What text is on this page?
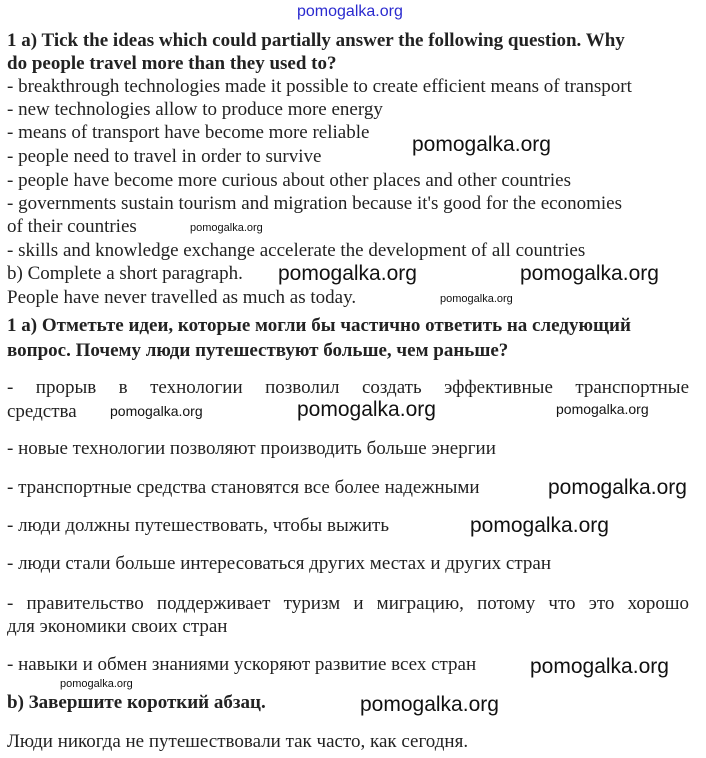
pomogalka.org
1 a) Tick the ideas which could partially answer the following question. Why
do people travel more than they used to?
- breakthrough technologies made it possible to create efficient means of transport
- new technologies allow to produce more energy
- means of transport have become more reliable
- people need to travel in order to survive
- people have become more curious about other places and other countries
- governments sustain tourism and migration because it's good for the economies
of their countries
- skills and knowledge exchange accelerate the development of all countries
b) Complete a short paragraph.
People have never travelled as much as today.
1 а) Отметьте идеи, которые могли бы частично ответить на следующий
вопрос. Почему люди путешествуют больше, чем раньше?
- прорыв в технологии позволил создать эффективные транспортные
средства
- новые технологии позволяют производить больше энергии
- транспортные средства становятся все более надежными
- люди должны путешествовать, чтобы выжить
- люди стали больше интересоваться других местах и других стран
- правительство поддерживает туризм и миграцию, потому что это хорошо
для экономики своих стран
- навыки и обмен знаниями ускоряют развитие всех стран
b) Завершите короткий абзац.
Люди никогда не путешествовали так часто, как сегодня.
pomogalka.org
pomogalka.org	pomogalka.org
pomogalka.org
pomogalka.org
pomogalka.org
pomogalka.org
pomogalka.org
pomogalka.org
pomogalka.org
pomogalka.org	pomogalka.org
pomogalka.org
